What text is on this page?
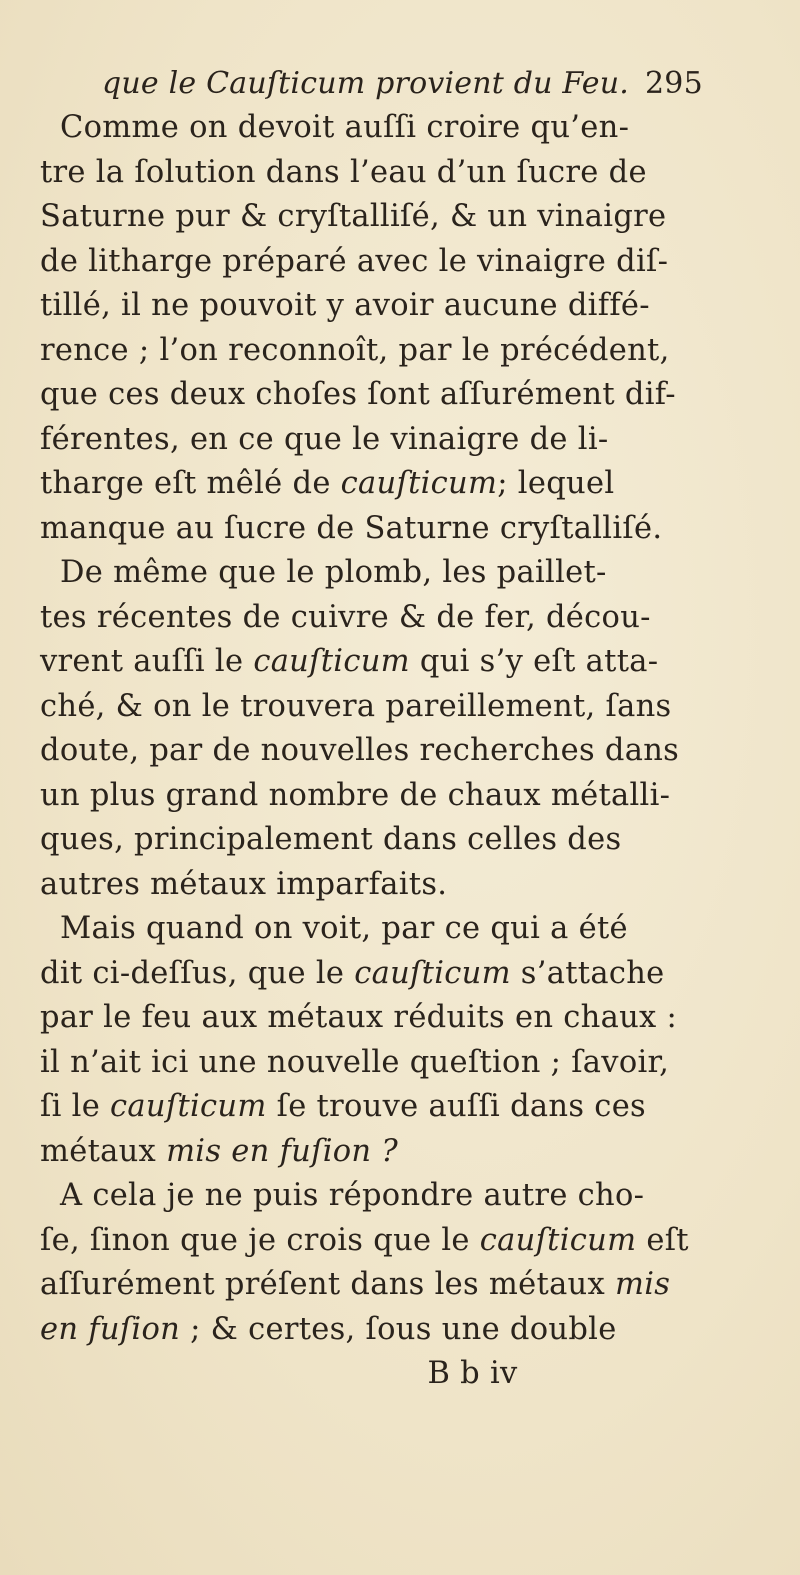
que le Cauſticum provient du Feu. 295
Comme on devoit auſſi croire qu’en-
tre la ſolution dans l’eau d’un ſucre de
Saturne pur & cryſtalliſé, & un vinaigre
de litharge préparé avec le vinaigre diſ-
tillé, il ne pouvoit y avoir aucune diffé-
rence ; l’on reconnoît, par le précédent,
que ces deux choſes ſont aſſurément dif-
férentes, en ce que le vinaigre de li-
tharge eſt mêlé de cauſticum; lequel
manque au ſucre de Saturne cryſtalliſé.
De même que le plomb, les paillet-
tes récentes de cuivre & de fer, décou-
vrent auſſi le cauſticum qui s’y eſt atta-
ché, & on le trouvera pareillement, ſans
doute, par de nouvelles recherches dans
un plus grand nombre de chaux métalli-
ques, principalement dans celles des
autres métaux imparfaits.
Mais quand on voit, par ce qui a été
dit ci-deſſus, que le cauſticum s’attache
par le feu aux métaux réduits en chaux :
il n’ait ici une nouvelle queſtion ; ſavoir,
ſi le cauſticum ſe trouve auſſi dans ces
métaux mis en fuſion ?
A cela je ne puis répondre autre cho-
ſe, ſinon que je crois que le cauſticum eſt
aſſurément préſent dans les métaux mis
en fuſion ; & certes, ſous une double
B b iv
